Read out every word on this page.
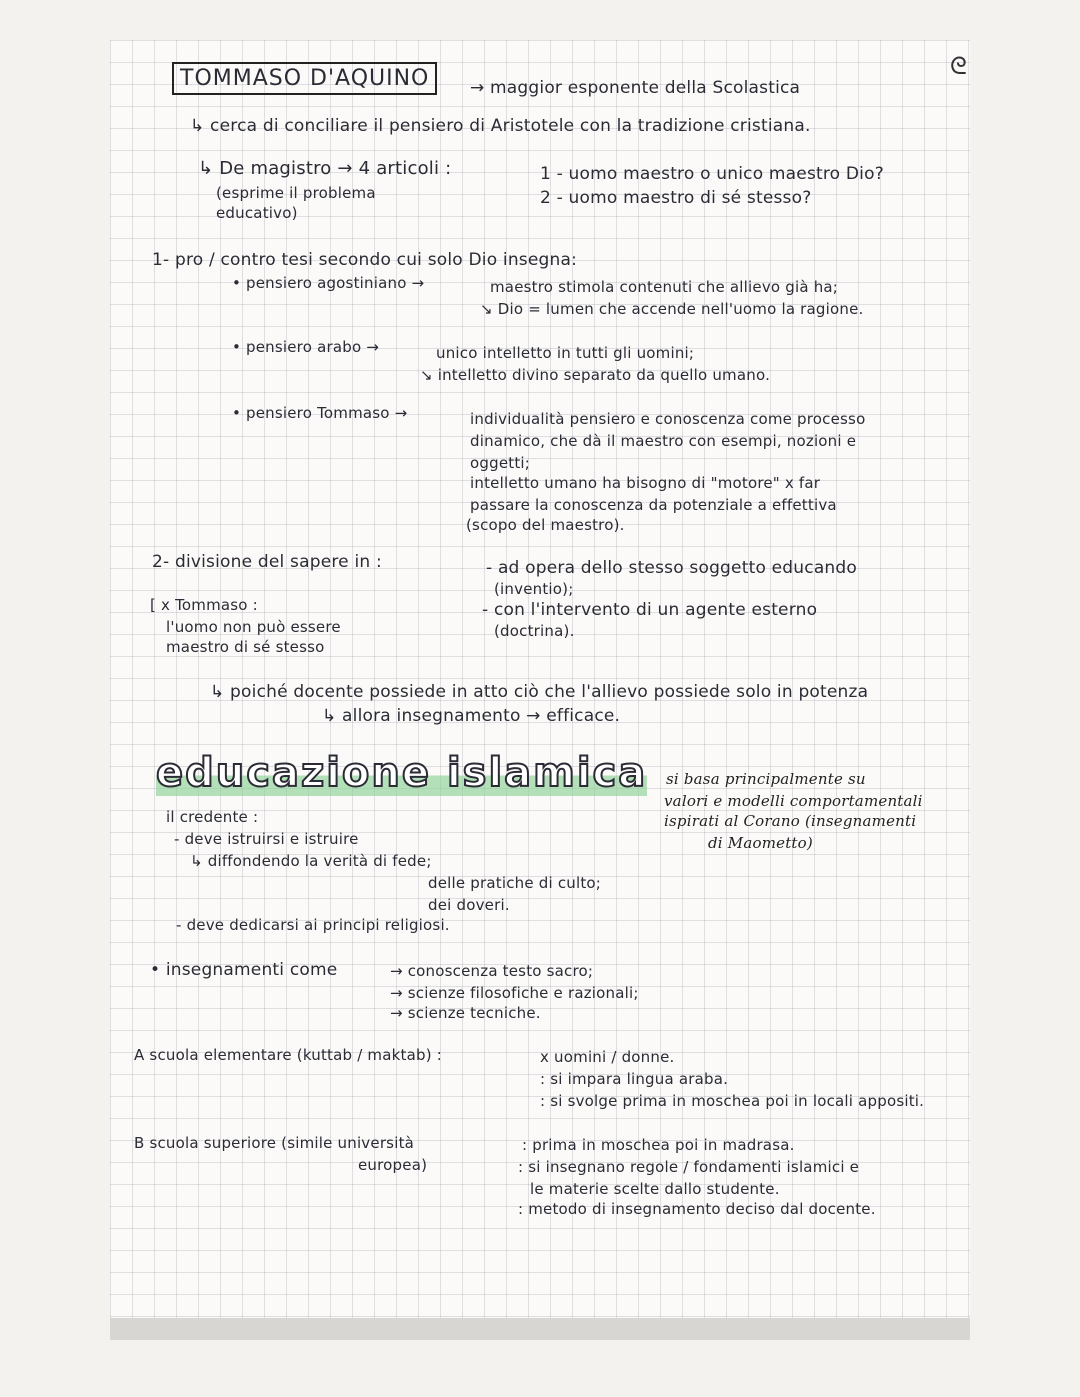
ᘓ
TOMMASO D'AQUINO	→ maggior esponente della Scolastica
↳ cerca di conciliare il pensiero di Aristotele con la tradizione cristiana.
↳ De magistro → 4 articoli :
(esprime il problema
educativo)
1 - uomo maestro o unico maestro Dio?
2 - uomo maestro di sé stesso?
1- pro / contro tesi secondo cui solo Dio insegna:
• pensiero agostiniano →	maestro stimola contenuti che allievo già ha;
↘ Dio = lumen che accende nell'uomo la ragione.
• pensiero arabo →	unico intelletto in tutti gli uomini;
↘ intelletto divino separato da quello umano.
• pensiero Tommaso →	individualità pensiero e conoscenza come processo
dinamico, che dà il maestro con esempi, nozioni e
oggetti;
intelletto umano ha bisogno di "motore" x far
passare la conoscenza da potenziale a effettiva
(scopo del maestro).
2- divisione del sapere in :	- ad opera dello stesso soggetto educando
(inventio);
- con l'intervento di un agente esterno
(doctrina).
[ x Tommaso :
l'uomo non può essere
maestro di sé stesso
↳ poiché docente possiede in atto ciò che l'allievo possiede solo in potenza
↳ allora insegnamento → efficace.
educazione islamica si basa principalmente su
valori e modelli comportamentali
ispirati al Corano (insegnamenti
di Maometto)
il credente :
- deve istruirsi e istruire
↳ diffondendo la verità di fede;
delle pratiche di culto;
dei doveri.
- deve dedicarsi ai principi religiosi.
• insegnamenti come	→ conoscenza testo sacro;
→ scienze filosofiche e razionali;
→ scienze tecniche.
A scuola elementare (kuttab / maktab) :	x uomini / donne.
: si impara lingua araba.
: si svolge prima in moschea poi in locali appositi.
B scuola superiore (simile università
europea)
: prima in moschea poi in madrasa.
: si insegnano regole / fondamenti islamici e
le materie scelte dallo studente.
: metodo di insegnamento deciso dal docente.
